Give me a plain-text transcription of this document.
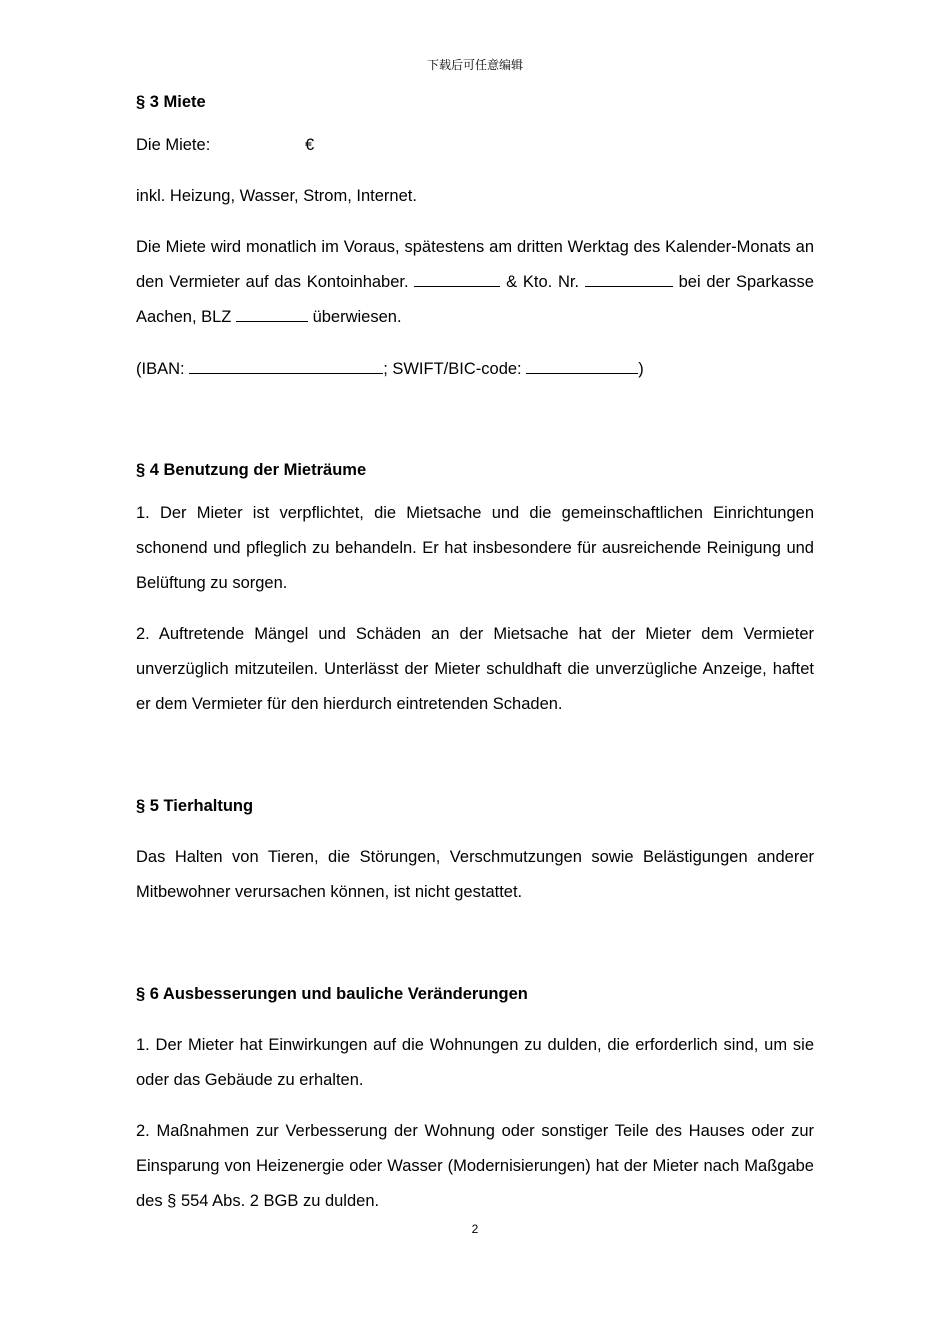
下载后可任意编辑
§ 3 Miete
Die Miete:	€
inkl. Heizung, Wasser, Strom, Internet.
Die Miete wird monatlich im Voraus, spätestens am dritten Werktag des Kalender-Monats an den Vermieter auf das Kontoinhaber.	& Kto. Nr.	bei der Sparkasse Aachen, BLZ	überwiesen.
(IBAN:	; SWIFT/BIC-code:	)
§ 4 Benutzung der Mieträume
1. Der Mieter ist verpflichtet, die Mietsache und die gemeinschaftlichen Einrichtungen schonend und pfleglich zu behandeln. Er hat insbesondere für ausreichende Reinigung und Belüftung zu sorgen.
2. Auftretende Mängel und Schäden an der Mietsache hat der Mieter dem Vermieter unverzüglich mitzuteilen. Unterlässt der Mieter schuldhaft die unverzügliche Anzeige, haftet er dem Vermieter für den hierdurch eintretenden Schaden.
§ 5 Tierhaltung
Das Halten von Tieren, die Störungen, Verschmutzungen sowie Belästigungen anderer Mitbewohner verursachen können, ist nicht gestattet.
§ 6 Ausbesserungen und bauliche Veränderungen
1. Der Mieter hat Einwirkungen auf die Wohnungen zu dulden, die erforderlich sind, um sie oder das Gebäude zu erhalten.
2. Maßnahmen zur Verbesserung der Wohnung oder sonstiger Teile des Hauses oder zur Einsparung von Heizenergie oder Wasser (Modernisierungen) hat der Mieter nach Maßgabe des § 554 Abs. 2 BGB zu dulden.
2
